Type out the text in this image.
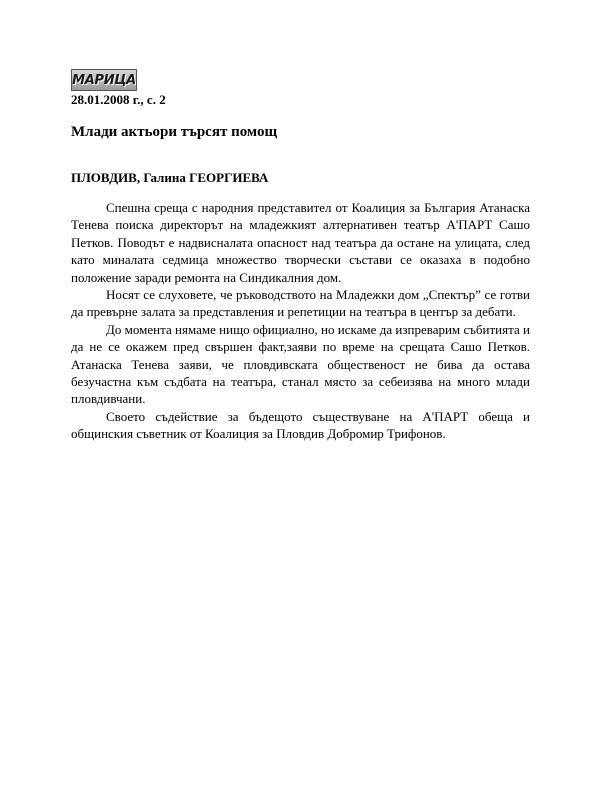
МАРИЦА
28.01.2008 г., с. 2
Млади актьори търсят помощ
ПЛОВДИВ, Галина ГЕОРГИЕВА

Спешна среща с народния представител от Коалиция за България Атанаска Тенева поиска директорът на младежкият алтернативен театър А'ПАРТ Сашо Петков. Поводът е надвисналата опасност над театъра да остане на улицата, след като миналата седмица множество творчески състави се оказаха в подобно положение заради ремонта на Синдикалния дом.

Носят се слуховете, че ръководството на Младежки дом „Спектър” се готви да превърне залата за представления и репетиции на театъра в център за дебати.

До момента нямаме нищо официално, но искаме да изпреварим събитията и да не се окажем пред свършен факт,заяви по време на срещата Сашо Петков. Атанаска Тенева заяви, че пловдивската общественост не бива да остава безучастна към съдбата на театъра, станал място за себеизява на много млади пловдивчани.

Своето съдействие за бъдещото съществуване на А'ПАРТ обеща и общинския съветник от Коалиция за Пловдив Добромир Трифонов.
